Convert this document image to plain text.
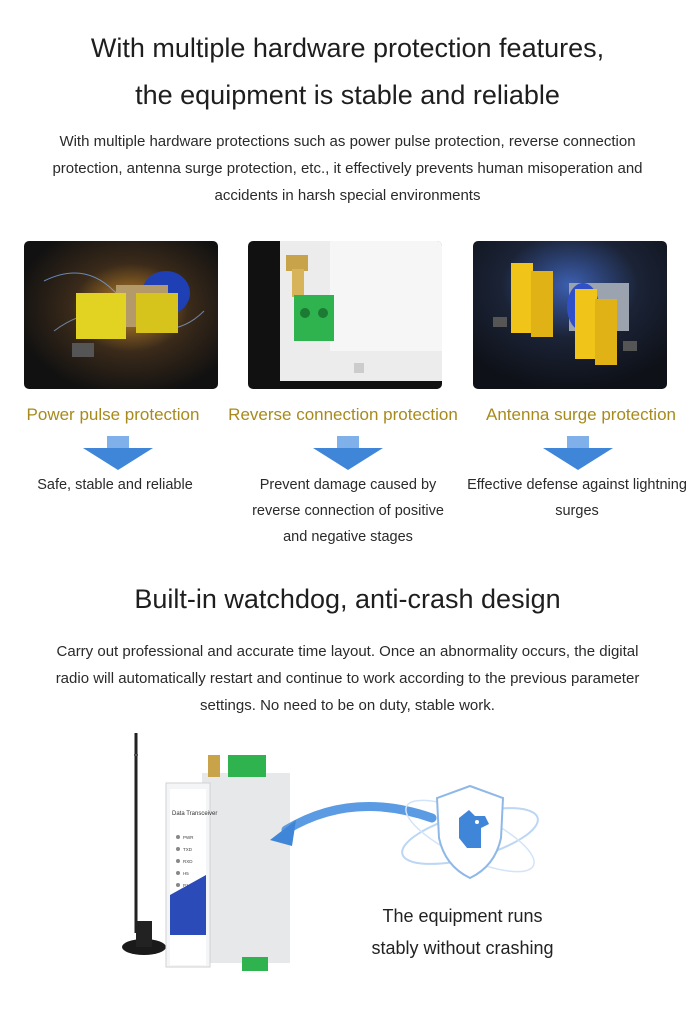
With multiple hardware protection features,
the equipment is stable and reliable
With multiple hardware protections such as power pulse protection, reverse connection protection, antenna surge protection, etc., it effectively prevents human misoperation and accidents in harsh special environments
Power pulse protection	Reverse connection protection	Antenna surge protection
Safe, stable and reliable	Prevent damage caused by reverse connection of positive and negative stages
Effective defense against lightning surges
Built-in watchdog, anti-crash design
Carry out professional and accurate time layout. Once an abnormality occurs, the digital radio will automatically restart and continue to work according to the previous parameter settings. No need to be on duty, stable work.
Data Transceiver
PWR
TXD
RXD
H5
P1
The equipment runs
stably without crashing
